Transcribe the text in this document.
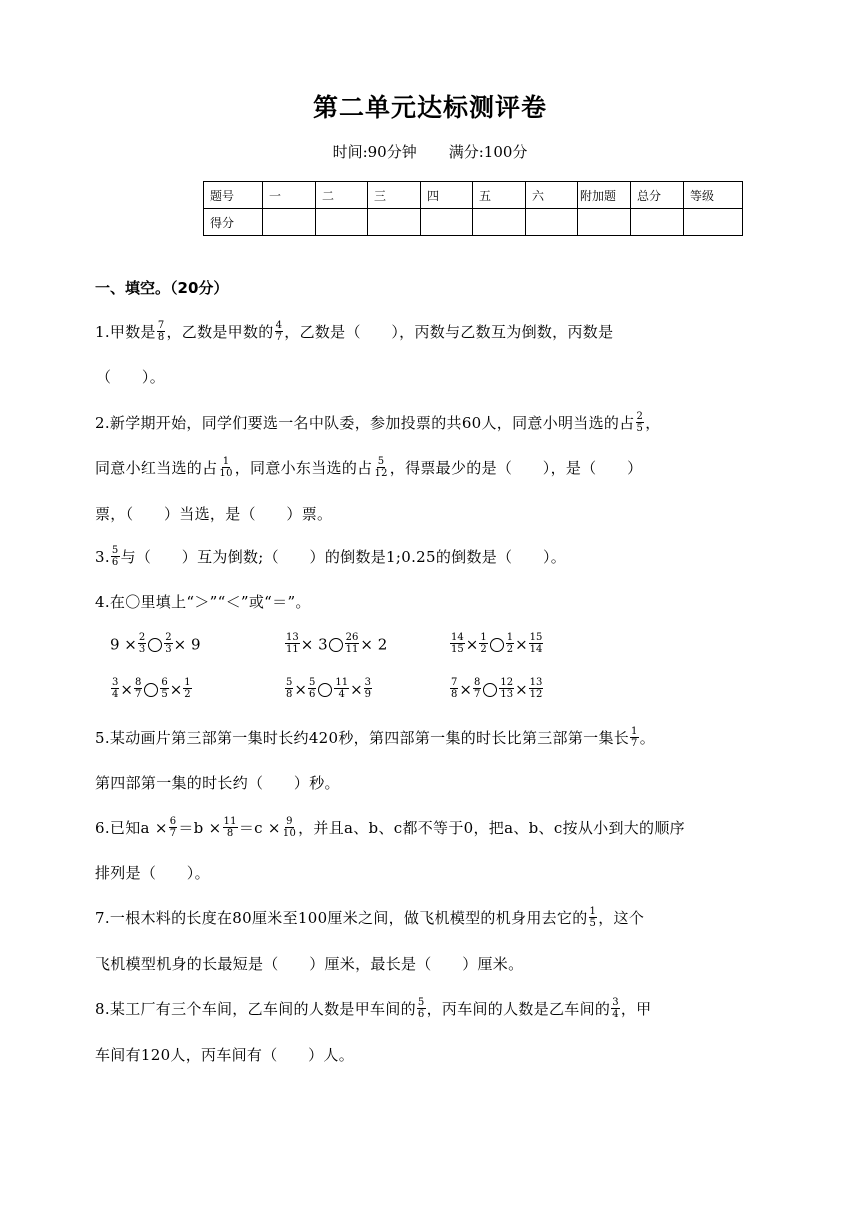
第二单元达标测评卷
时间:90分钟 满分:100分
题号	一	二	三	四	五	六	附加题	总分	等级
得分									
一、填空。（20分）
1.甲数是 $\frac{7}{8}$ ，乙数是甲数的 $\frac{4}{7}$ ，乙数是（　　），丙数与乙数互为倒数，丙数是
（　　）。
2.新学期开始，同学们要选一名中队委，参加投票的共60人，同意小明当选的占 $\frac{2}{5}$ ，
同意小红当选的占 $\frac{1}{10}$ ，同意小东当选的占 $\frac{5}{12}$ ，得票最少的是（　　），是（　　）
票，（　　）当选，是（　　）票。
3. $\frac{5}{6}$ 与（　　）互为倒数;（　　）的倒数是1;0.25的倒数是（　　）。
4.在〇里填上“＞”“＜”或“＝”。
$9 \times \frac{2}{3} \frac{2}{3} \times 9$	$\frac{13}{11} \times 3 \frac{26}{11} \times 2$	$\frac{14}{15} \times \frac{1}{2} \frac{1}{2} \times \frac{15}{14}$
$\frac{3}{4} \times \frac{8}{7} \frac{6}{5} \times \frac{1}{2}$	$\frac{5}{8} \times \frac{5}{6} \frac{11}{4} \times \frac{3}{9}$	$\frac{7}{8} \times \frac{8}{7} \frac{12}{13} \times \frac{13}{12}$
5.某动画片第三部第一集时长约420秒，第四部第一集的时长比第三部第一集长 $\frac{1}{7}$ 。
第四部第一集的时长约（　　）秒。
6.已知$a \times \frac{6}{7} =b \times \frac{11}{8} =c \times \frac{9}{10}$ ，并且a、b、c都不等于0，把a、b、c按从小到大的顺序
排列是（　　）。
7.一根木料的长度在80厘米至100厘米之间，做飞机模型的机身用去它的 $\frac{1}{5}$ ，这个
飞机模型机身的长最短是（　　）厘米，最长是（　　）厘米。
8.某工厂有三个车间，乙车间的人数是甲车间的 $\frac{5}{6}$ ，丙车间的人数是乙车间的 $\frac{3}{4}$ ，甲
车间有120人，丙车间有（　　）人。
